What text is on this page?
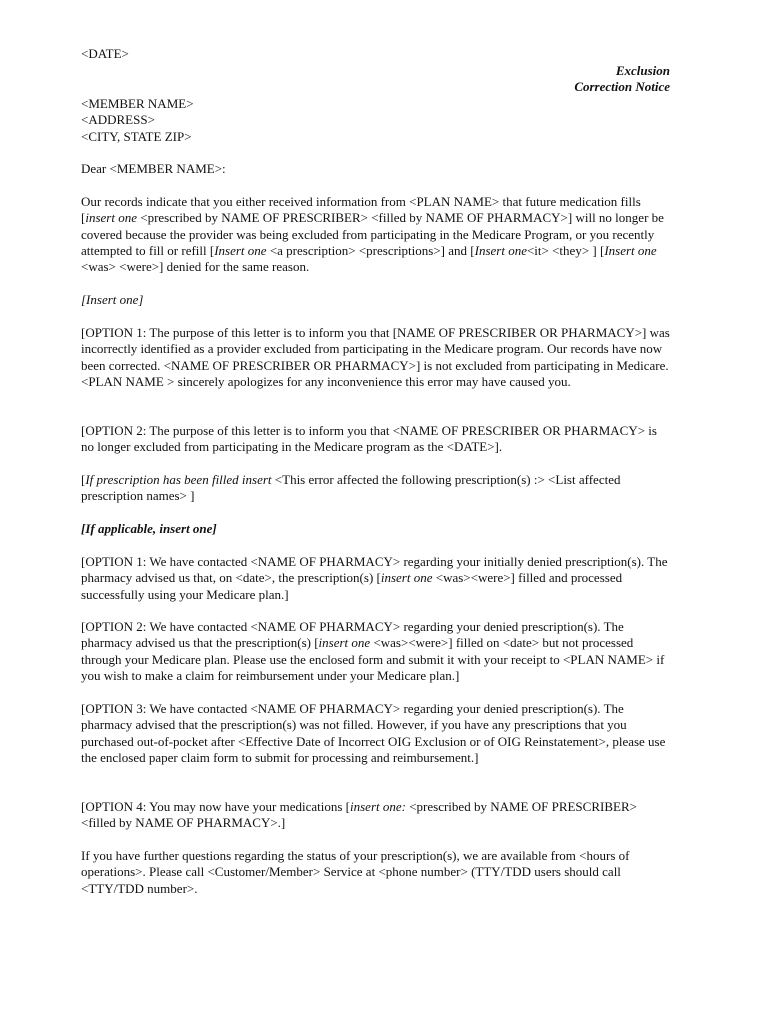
<DATE>
Exclusion
Correction Notice
<MEMBER NAME>
<ADDRESS>
<CITY, STATE ZIP>

Dear <MEMBER NAME>:

Our records indicate that you either received information from <PLAN NAME> that future medication fills [insert one <prescribed by NAME OF PRESCRIBER> <filled by NAME OF PHARMACY>] will no longer be covered because the provider was being excluded from participating in the Medicare Program, or you recently attempted to fill or refill [Insert one <a prescription> <prescriptions>] and [Insert one<it> <they> ] [Insert one <was> <were>] denied for the same reason.

[Insert one]

[OPTION 1: The purpose of this letter is to inform you that [NAME OF PRESCRIBER OR PHARMACY>] was incorrectly identified as a provider excluded from participating in the Medicare program. Our records have now been corrected. <NAME OF PRESCRIBER OR PHARMACY>] is not excluded from participating in Medicare. <PLAN NAME > sincerely apologizes for any inconvenience this error may have caused you.

[OPTION 2: The purpose of this letter is to inform you that <NAME OF PRESCRIBER OR PHARMACY> is no longer excluded from participating in the Medicare program as the <DATE>].

[If prescription has been filled insert <This error affected the following prescription(s) :> <List affected prescription names> ]

[If applicable, insert one]

[OPTION 1: We have contacted <NAME OF PHARMACY> regarding your initially denied prescription(s). The pharmacy advised us that, on <date>, the prescription(s) [insert one <was><were>] filled and processed successfully using your Medicare plan.]

[OPTION 2: We have contacted <NAME OF PHARMACY> regarding your denied prescription(s). The pharmacy advised us that the prescription(s) [insert one <was><were>] filled on <date> but not processed through your Medicare plan. Please use the enclosed form and submit it with your receipt to <PLAN NAME> if you wish to make a claim for reimbursement under your Medicare plan.]

[OPTION 3: We have contacted <NAME OF PHARMACY> regarding your denied prescription(s). The pharmacy advised that the prescription(s) was not filled. However, if you have any prescriptions that you purchased out-of-pocket after <Effective Date of Incorrect OIG Exclusion or of OIG Reinstatement>, please use the enclosed paper claim form to submit for processing and reimbursement.]

[OPTION 4: You may now have your medications [insert one: <prescribed by NAME OF PRESCRIBER> <filled by NAME OF PHARMACY>.]

If you have further questions regarding the status of your prescription(s), we are available from <hours of operations>. Please call <Customer/Member> Service at <phone number> (TTY/TDD users should call <TTY/TDD number>.
